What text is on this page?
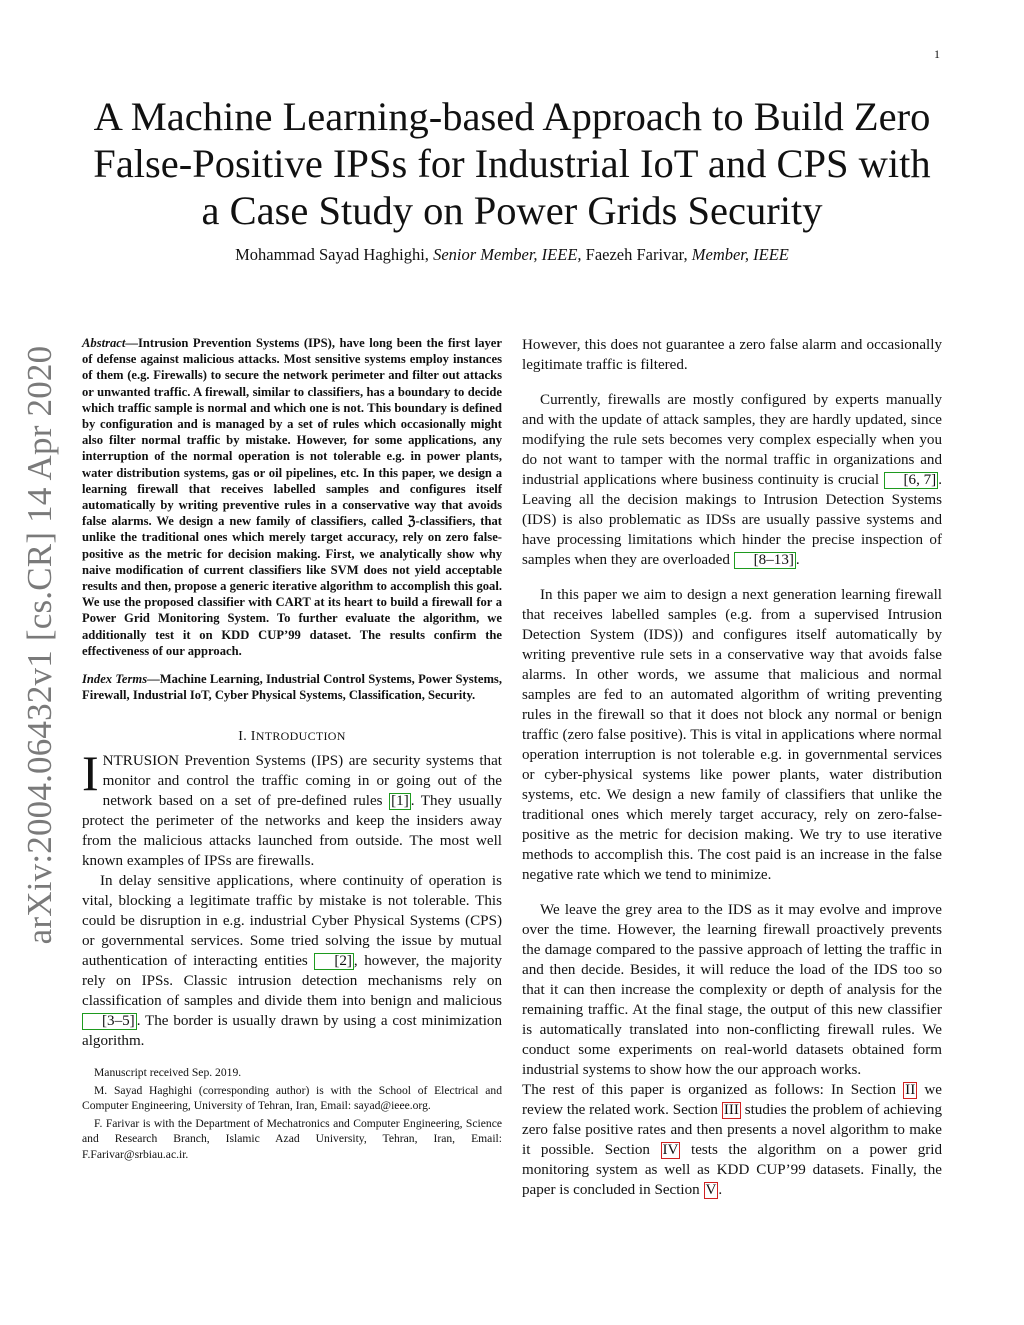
1
arXiv:2004.06432v1 [cs.CR] 14 Apr 2020
A Machine Learning-based Approach to Build Zero
False-Positive IPSs for Industrial IoT and CPS with
a Case Study on Power Grids Security
Mohammad Sayad Haghighi, Senior Member, IEEE, Faezeh Farivar, Member, IEEE

Abstract—Intrusion Prevention Systems (IPS), have long been the first layer of defense against malicious attacks. Most sensitive systems employ instances of them (e.g. Firewalls) to secure the network perimeter and filter out attacks or unwanted traffic. A firewall, similar to classifiers, has a boundary to decide which traffic sample is normal and which one is not. This boundary is defined by configuration and is managed by a set of rules which occasionally might also filter normal traffic by mistake. However, for some applications, any interruption of the normal operation is not tolerable e.g. in power plants, water distribution systems, gas or oil pipelines, etc. In this paper, we design a learning firewall that receives labelled samples and configures itself automatically by writing preventive rules in a conservative way that avoids false alarms. We design a new family of classifiers, called ℨ-classifiers, that unlike the traditional ones which merely target accuracy, rely on zero false-positive as the metric for decision making. First, we analytically show why naive modification of current classifiers like SVM does not yield acceptable results and then, propose a generic iterative algorithm to accomplish this goal. We use the proposed classifier with CART at its heart to build a firewall for a Power Grid Monitoring System. To further evaluate the algorithm, we additionally test it on KDD CUP’99 dataset. The results confirm the effectiveness of our approach.

Index Terms—Machine Learning, Industrial Control Systems, Power Systems, Firewall, Industrial IoT, Cyber Physical Systems, Classification, Security.

I. INTRODUCTION

INTRUSION Prevention Systems (IPS) are security systems that monitor and control the traffic coming in or going out of the network based on a set of pre-defined rules [1] . They usually protect the perimeter of the networks and keep the insiders away from the malicious attacks launched from outside. The most well known examples of IPSs are firewalls.

In delay sensitive applications, where continuity of operation is vital, blocking a legitimate traffic by mistake is not tolerable. This could be disruption in e.g. industrial Cyber Physical Systems (CPS) or governmental services. Some tried solving the issue by mutual authentication of interacting entities [2] , however, the majority rely on IPSs. Classic intrusion detection mechanisms rely on classification of samples and divide them into benign and malicious [3–5] . The border is usually drawn by using a cost minimization algorithm.

Manuscript received Sep. 2019.

M. Sayad Haghighi (corresponding author) is with the School of Electrical and Computer Engineering, University of Tehran, Iran, Email: sayad@ieee.org.

F. Farivar is with the Department of Mechatronics and Computer Engineering, Science and Research Branch, Islamic Azad University, Tehran, Iran, Email: F.Farivar@srbiau.ac.ir.

However, this does not guarantee a zero false alarm and occasionally legitimate traffic is filtered.

Currently, firewalls are mostly configured by experts manually and with the update of attack samples, they are hardly updated, since modifying the rule sets becomes very complex especially when you do not want to tamper with the normal traffic in organizations and industrial applications where business continuity is crucial [6, 7] . Leaving all the decision makings to Intrusion Detection Systems (IDS) is also problematic as IDSs are usually passive systems and have processing limitations which hinder the precise inspection of samples when they are overloaded [8–13] .

In this paper we aim to design a next generation learning firewall that receives labelled samples (e.g. from a supervised Intrusion Detection System (IDS)) and configures itself automatically by writing preventive rule sets in a conservative way that avoids false alarms. In other words, we assume that malicious and normal samples are fed to an automated algorithm of writing preventing rules in the firewall so that it does not block any normal or benign traffic (zero false positive). This is vital in applications where normal operation interruption is not tolerable e.g. in governmental services or cyber-physical systems like power plants, water distribution systems, etc. We design a new family of classifiers that unlike the traditional ones which merely target accuracy, rely on zero-false-positive as the metric for decision making. We try to use iterative methods to accomplish this. The cost paid is an increase in the false negative rate which we tend to minimize.

We leave the grey area to the IDS as it may evolve and improve over the time. However, the learning firewall proactively prevents the damage compared to the passive approach of letting the traffic in and then decide. Besides, it will reduce the load of the IDS too so that it can then increase the complexity or depth of analysis for the remaining traffic. At the final stage, the output of this new classifier is automatically translated into non-conflicting firewall rules. We conduct some experiments on real-world datasets obtained form industrial systems to show how the our approach works.

The rest of this paper is organized as follows: In Section II we review the related work. Section III studies the problem of achieving zero false positive rates and then presents a novel algorithm to make it possible. Section IV tests the algorithm on a power grid monitoring system as well as KDD CUP’99 datasets. Finally, the paper is concluded in Section V .
